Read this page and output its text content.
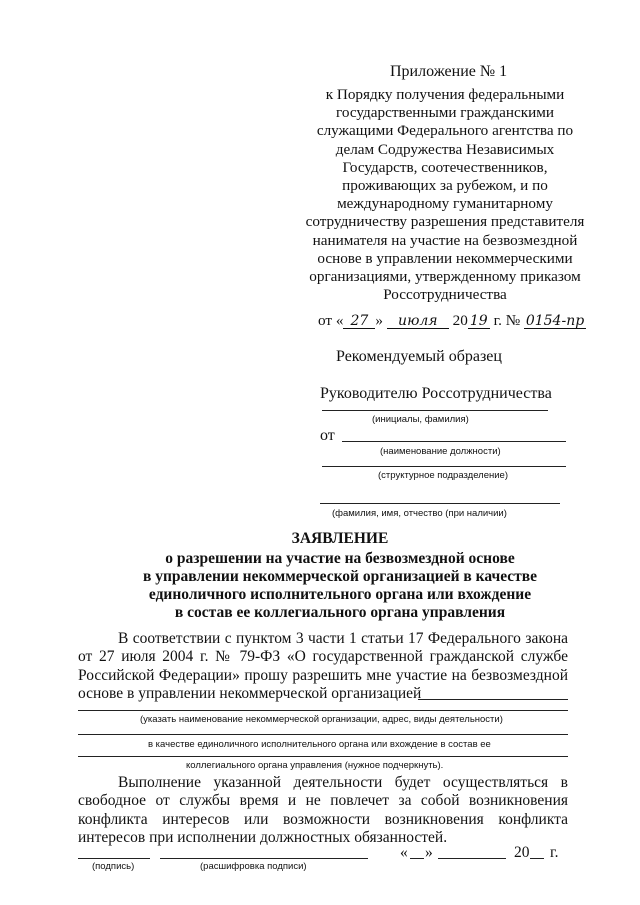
Приложение № 1
к Порядку получения федеральными государственными гражданскими служащими Федерального агентства по делам Содружества Независимых Государств, соотечественников, проживающих за рубежом, и по международному гуманитарному сотрудничеству разрешения представителя нанимателя на участие на безвозмездной основе в управлении некоммерческими организациями, утвержденному приказом Россотрудничества
от « 27 » июля 20 19 г. № 0154-пр
Рекомендуемый образец
Руководителю Россотрудничества
(инициалы, фамилия)
от
(наименование должности)
(структурное подразделение)
(фамилия, имя, отчество (при наличии)
ЗАЯВЛЕНИЕ
о разрешении на участие на безвозмездной основе
в управлении некоммерческой организацией в качестве
единоличного исполнительного органа или вхождение
в состав ее коллегиального органа управления
В соответствии с пунктом 3 части 1 статьи 17 Федерального закона от 27 июля 2004 г. № 79-ФЗ «О государственной гражданской службе Российской Федерации» прошу разрешить мне участие на безвозмездной основе в управлении некоммерческой организацией
(указать наименование некоммерческой организации, адрес, виды деятельности)
в качестве единоличного исполнительного органа или вхождение в состав ее
коллегиального органа управления (нужное подчеркнуть).
Выполнение указанной деятельности будет осуществляться в свободное от службы время и не повлечет за собой возникновения конфликта интересов или возможности возникновения конфликта интересов при исполнении должностных обязанностей.
« »	20 г.
(подпись)	(расшифровка подписи)
